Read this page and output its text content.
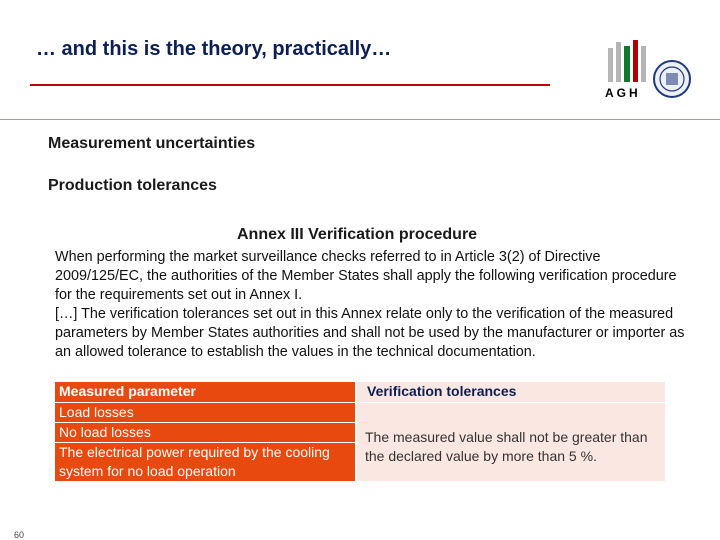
… and this is the theory, practically…
AGH
Measurement uncertainties
Production tolerances
Annex III Verification procedure
When performing the market surveillance checks referred to in Article 3(2) of Directive 2009/125/EC, the authorities of the Member States shall apply the following verification procedure for the requirements set out in Annex I.
[…] The verification tolerances set out in this Annex relate only to the verification of the measured parameters by Member States authorities and shall not be used by the manufacturer or importer as an allowed tolerance to establish the values in the technical documentation.
Measured parameter	Verification tolerances
Load losses	The measured value shall not be greater than the declared value by more than 5 %.
No load losses	
The electrical power required by the cooling system for no load operation	
60
